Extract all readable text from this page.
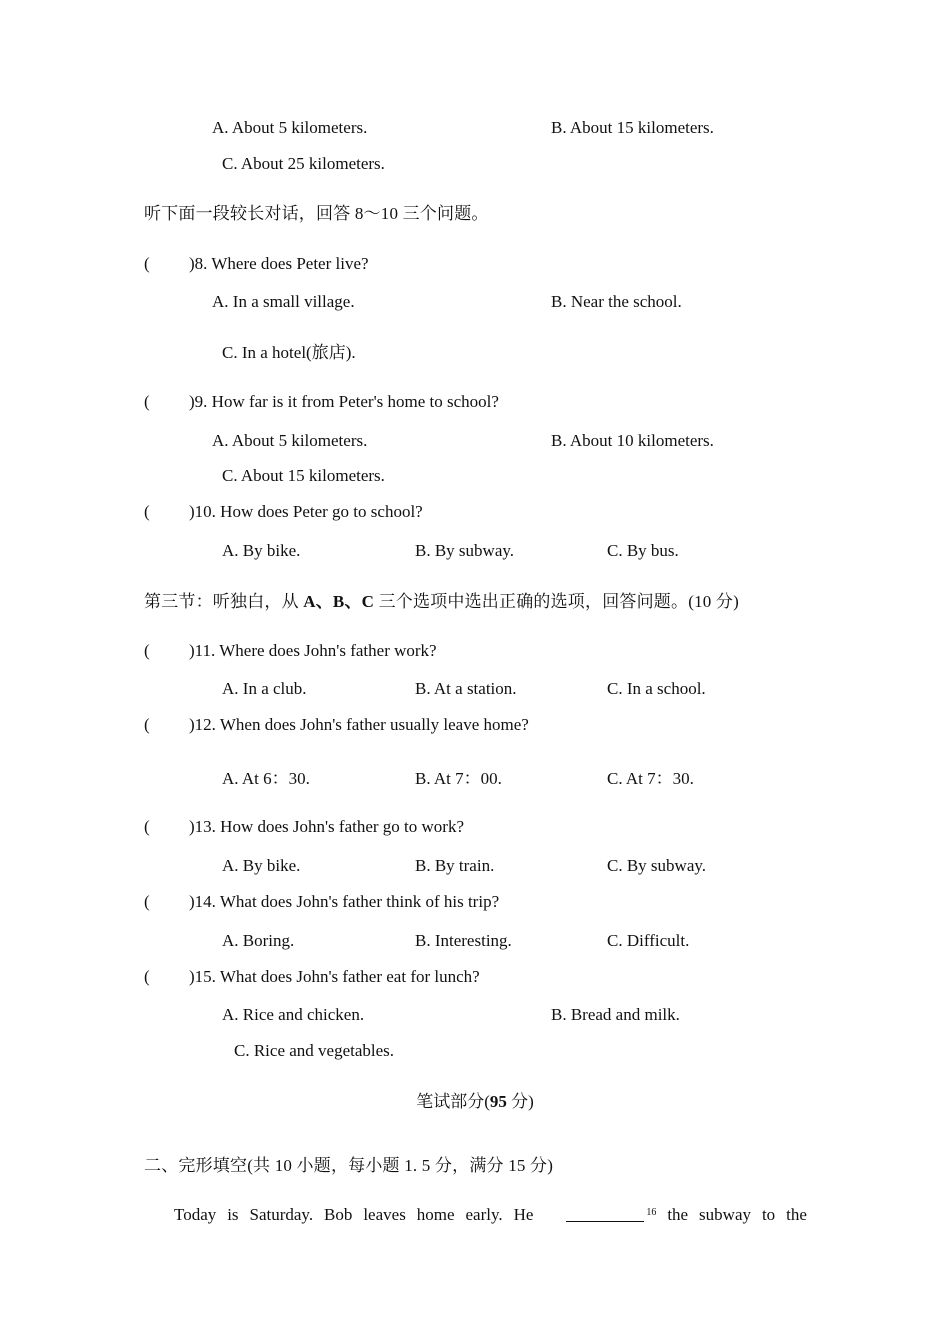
A. About 5 kilometers.	B. About 15 kilometers.
C. About 25 kilometers.
听下面一段较长对话，回答 8～10 三个问题。
( )8. Where does Peter live?
A. In a small village.	B. Near the school.
C. In a hotel(旅店).
( )9. How far is it from Peter's home to school?
A. About 5 kilometers.	B. About 10 kilometers.
C. About 15 kilometers.
( )10. How does Peter go to school?
A. By bike.	B. By subway.	C. By bus.
第三节：听独白，从 A、B、C 三个选项中选出正确的选项，回答问题。(10 分)
( )11. Where does John's father work?
A. In a club.	B. At a station.	C. In a school.
( )12. When does John's father usually leave home?
A. At 6：30.	B. At 7：00.	C. At 7：30.
( )13. How does John's father go to work?
A. By bike.	B. By train.	C. By subway.
( )14. What does John's father think of his trip?
A. Boring.	B. Interesting.	C. Difficult.
( )15. What does John's father eat for lunch?
A. Rice and chicken.	B. Bread and milk.
C. Rice and vegetables.
笔试部分(95 分)
二、完形填空(共 10 小题，每小题 1. 5 分，满分 15 分)
Today is Saturday. Bob leaves home early. He	$^{16}$ the subway to the
